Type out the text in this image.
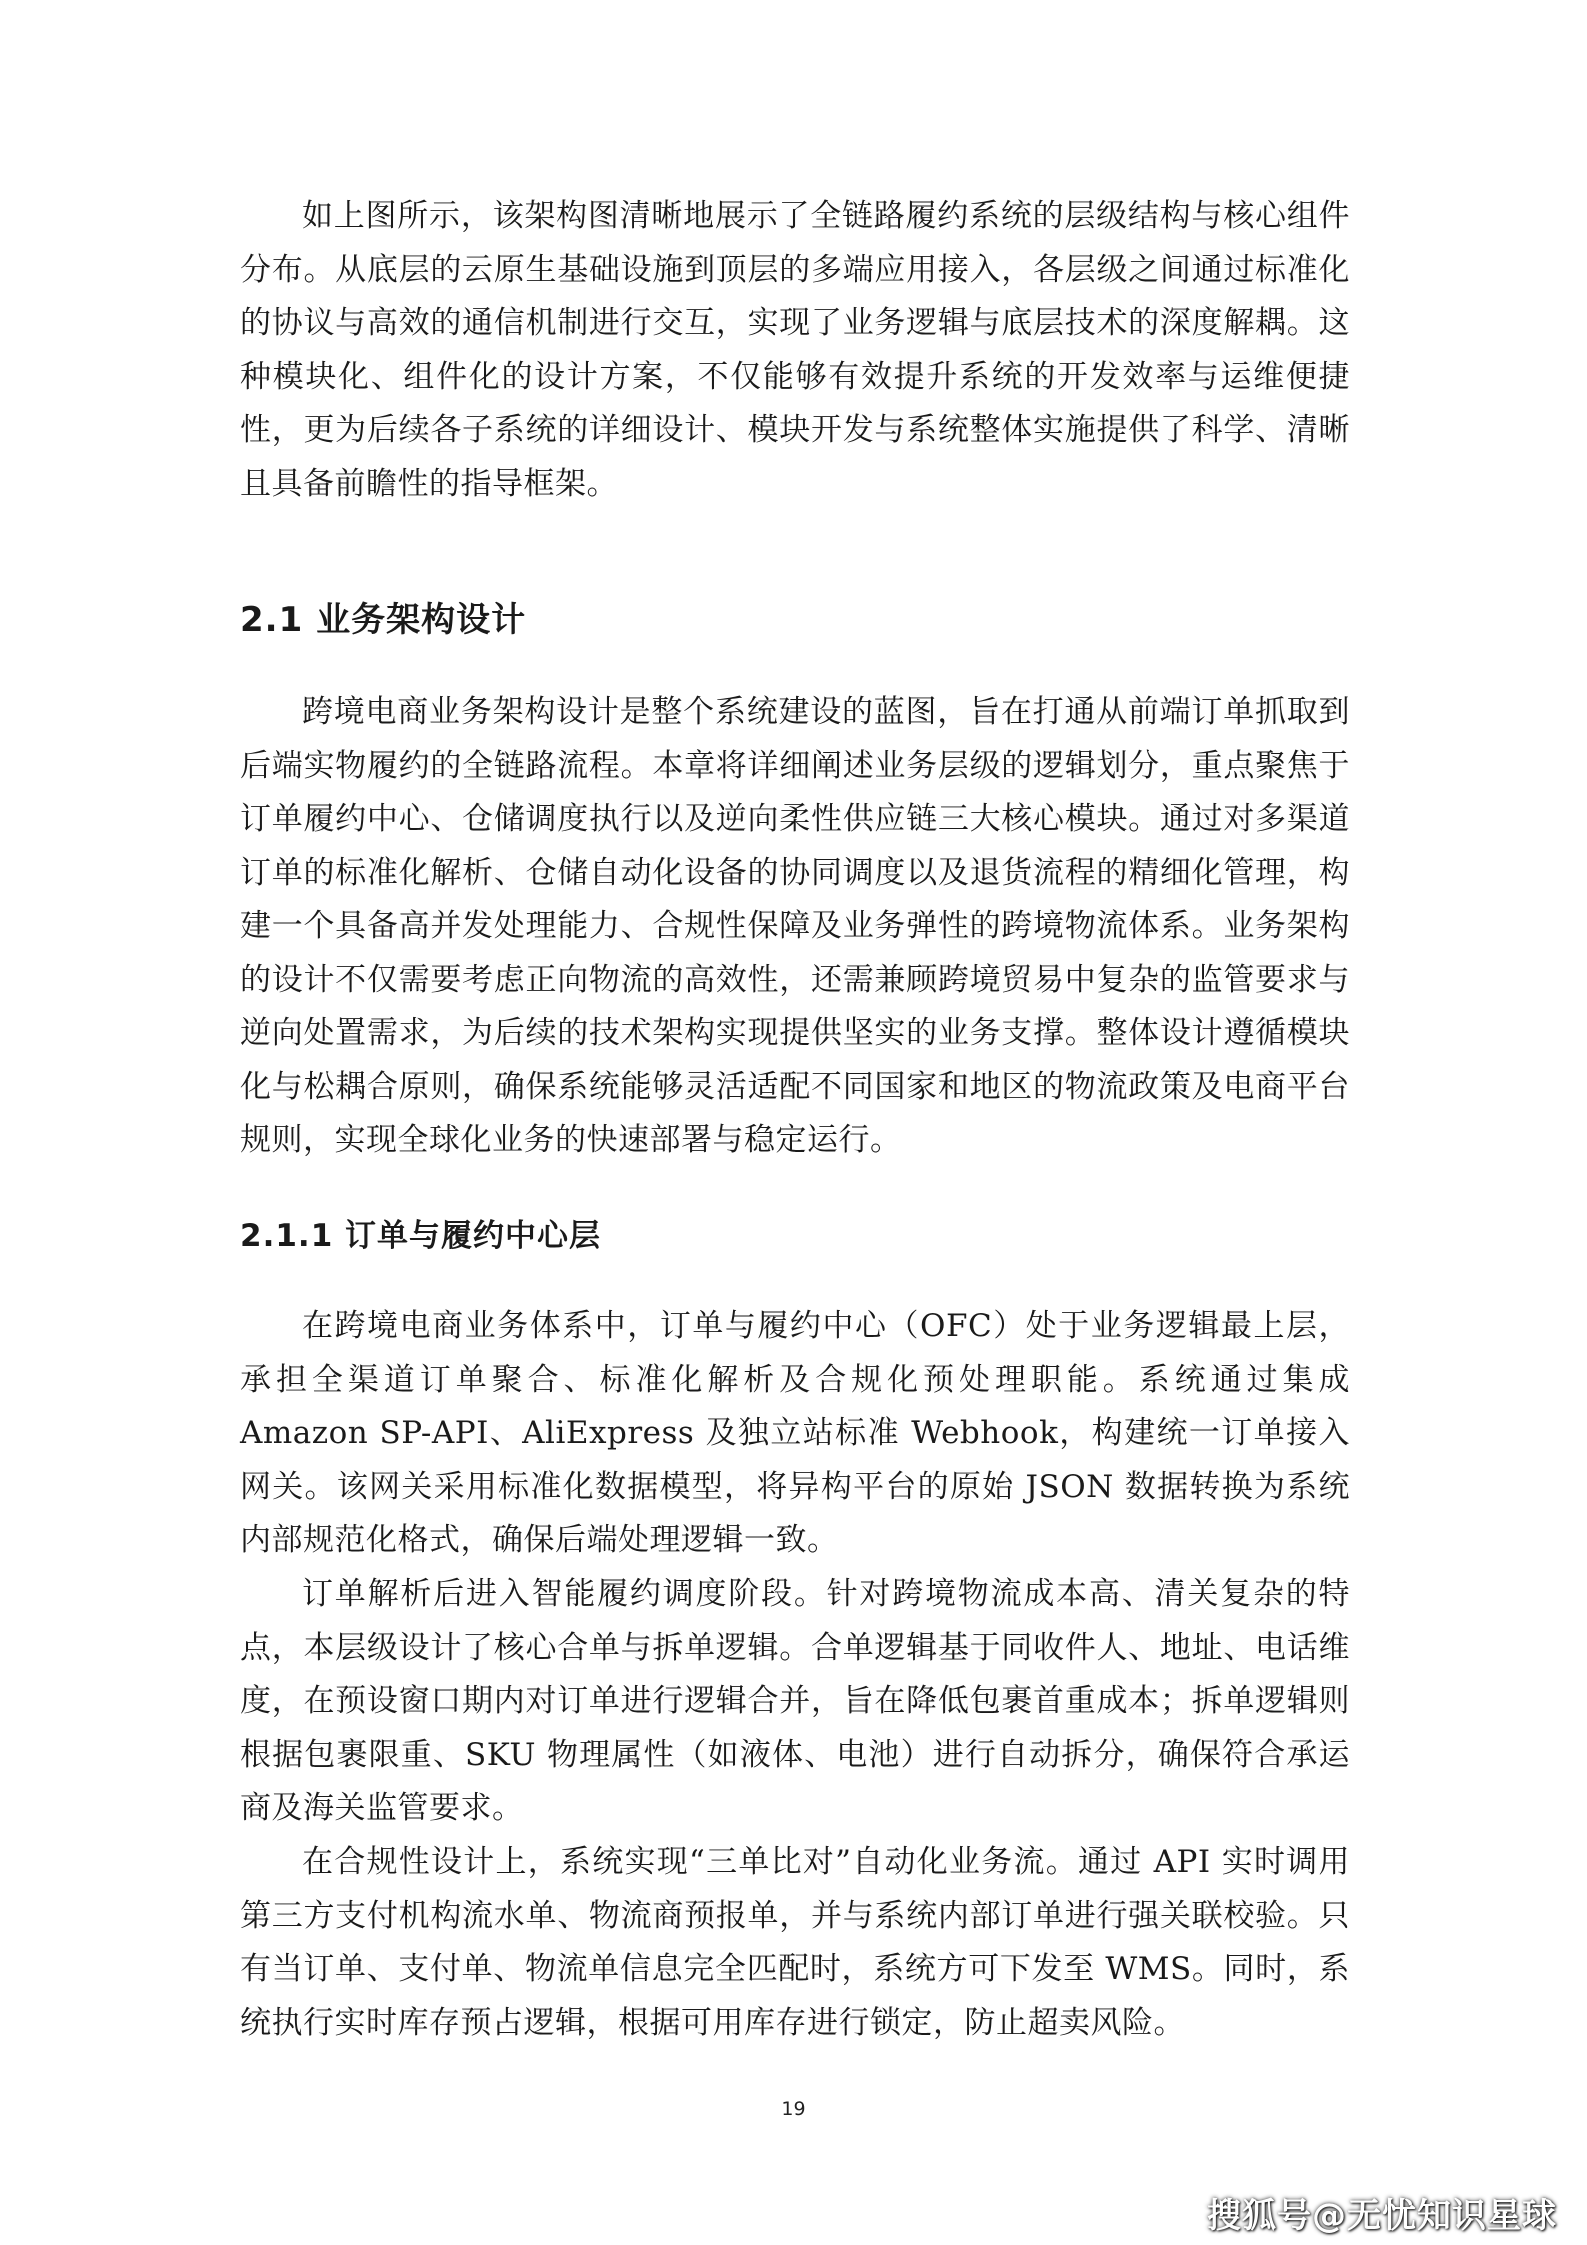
如上图所示，该架构图清晰地展示了全链路履约系统的层级结构与核心组件分布。从底层的云原生基础设施到顶层的多端应用接入，各层级之间通过标准化的协议与高效的通信机制进行交互，实现了业务逻辑与底层技术的深度解耦。这种模块化、组件化的设计方案，不仅能够有效提升系统的开发效率与运维便捷性，更为后续各子系统的详细设计、模块开发与系统整体实施提供了科学、清晰且具备前瞻性的指导框架。

2.1 业务架构设计

跨境电商业务架构设计是整个系统建设的蓝图，旨在打通从前端订单抓取到后端实物履约的全链路流程。本章将详细阐述业务层级的逻辑划分，重点聚焦于订单履约中心、仓储调度执行以及逆向柔性供应链三大核心模块。通过对多渠道订单的标准化解析、仓储自动化设备的协同调度以及退货流程的精细化管理，构建一个具备高并发处理能力、合规性保障及业务弹性的跨境物流体系。业务架构的设计不仅需要考虑正向物流的高效性，还需兼顾跨境贸易中复杂的监管要求与逆向处置需求，为后续的技术架构实现提供坚实的业务支撑。整体设计遵循模块化与松耦合原则，确保系统能够灵活适配不同国家和地区的物流政策及电商平台规则，实现全球化业务的快速部署与稳定运行。

2.1.1 订单与履约中心层

在跨境电商业务体系中，订单与履约中心（OFC）处于业务逻辑最上层，承担全渠道订单聚合、标准化解析及合规化预处理职能。系统通过集成 Amazon SP-API、AliExpress 及独立站标准 Webhook，构建统一订单接入网关。该网关采用标准化数据模型，将异构平台的原始 JSON 数据转换为系统内部规范化格式，确保后端处理逻辑一致。

订单解析后进入智能履约调度阶段。针对跨境物流成本高、清关复杂的特点，本层级设计了核心合单与拆单逻辑。合单逻辑基于同收件人、地址、电话维度，在预设窗口期内对订单进行逻辑合并，旨在降低包裹首重成本；拆单逻辑则根据包裹限重、SKU 物理属性（如液体、电池）进行自动拆分，确保符合承运商及海关监管要求。

在合规性设计上，系统实现“三单比对”自动化业务流。通过 API 实时调用第三方支付机构流水单、物流商预报单，并与系统内部订单进行强关联校验。只有当订单、支付单、物流单信息完全匹配时，系统方可下发至 WMS。同时，系统执行实时库存预占逻辑，根据可用库存进行锁定，防止超卖风险。

19
搜狐号@无忧知识星球
